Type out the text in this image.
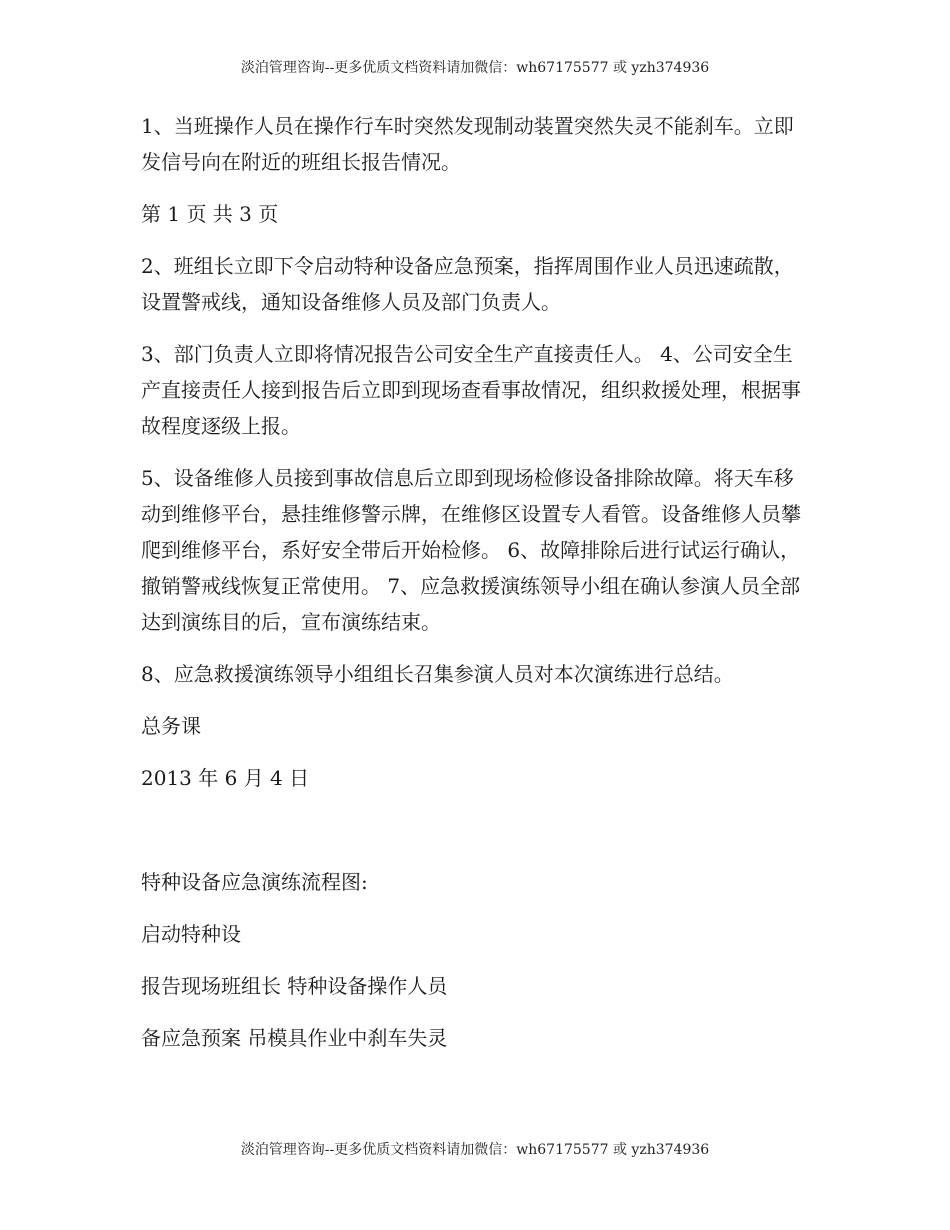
淡泊管理咨询--更多优质文档资料请加微信：wh67175577 或 yzh374936

1、当班操作人员在操作行车时突然发现制动装置突然失灵不能刹车。立即发信号向在附近的班组长报告情况。

第 1 页 共 3 页

2、班组长立即下令启动特种设备应急预案，指挥周围作业人员迅速疏散，设置警戒线，通知设备维修人员及部门负责人。

3、部门负责人立即将情况报告公司安全生产直接责任人。 4、公司安全生产直接责任人接到报告后立即到现场查看事故情况，组织救援处理，根据事故程度逐级上报。

5、设备维修人员接到事故信息后立即到现场检修设备排除故障。将天车移动到维修平台，悬挂维修警示牌，在维修区设置专人看管。设备维修人员攀爬到维修平台，系好安全带后开始检修。 6、故障排除后进行试运行确认，撤销警戒线恢复正常使用。 7、应急救援演练领导小组在确认参演人员全部达到演练目的后，宣布演练结束。

8、应急救援演练领导小组组长召集参演人员对本次演练进行总结。

总务课

2013 年 6 月 4 日

特种设备应急演练流程图:

启动特种设

报告现场班组长 特种设备操作人员

备应急预案 吊模具作业中刹车失灵

淡泊管理咨询--更多优质文档资料请加微信：wh67175577 或 yzh374936
